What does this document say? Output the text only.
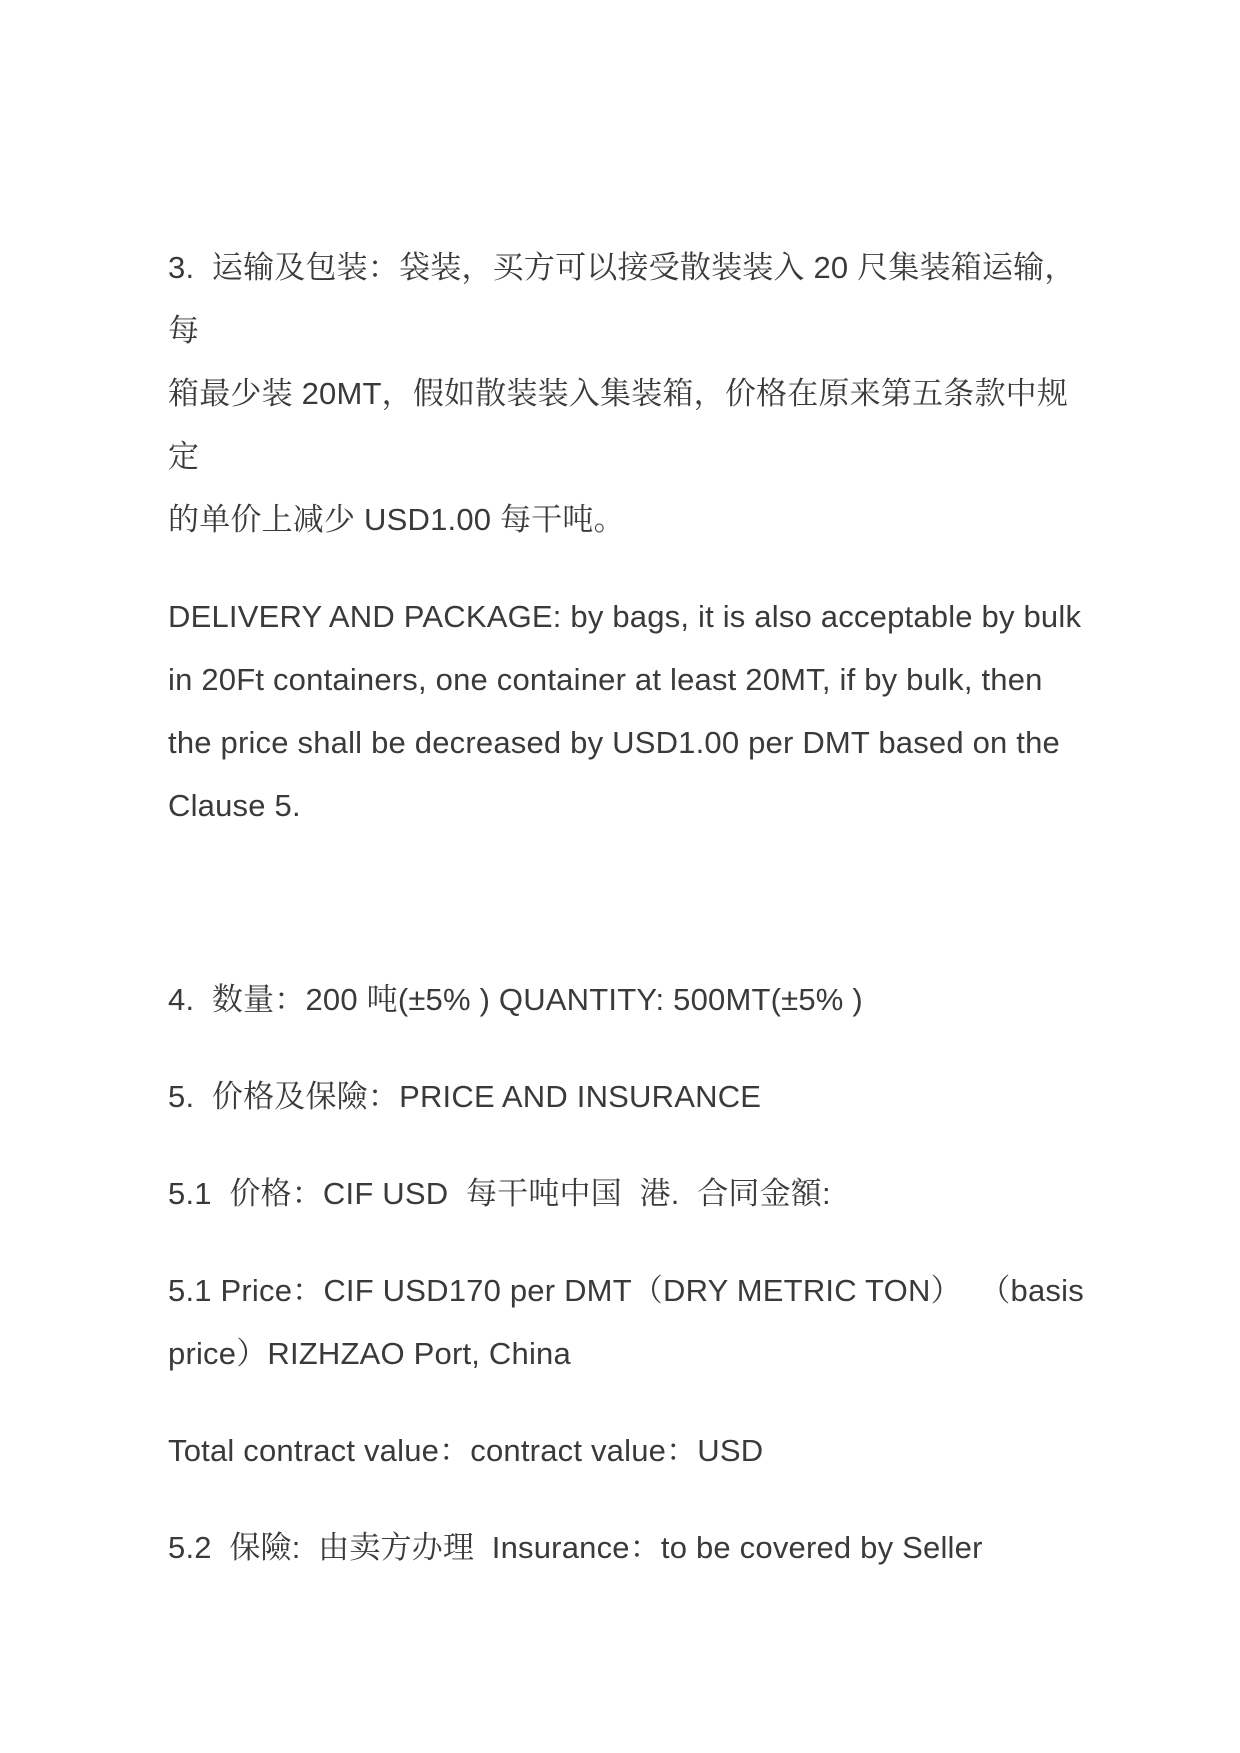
3.  运输及包装：袋装，买方可以接受散装装入 20 尺集装箱运输，  每
箱最少装 20MT，假如散装装入集装箱，价格在原来第五条款中规定
的单价上减少 USD1.00 每干吨。
DELIVERY AND PACKAGE: by bags, it is also acceptable by bulk
in 20Ft containers, one container at least 20MT, if by bulk, then
the price shall be decreased by USD1.00 per DMT based on the
Clause 5.
4.  数量：200 吨(±5% ) QUANTITY: 500MT(±5% )
5.  价格及保險：PRICE AND INSURANCE
5.1  价格：CIF USD  每干吨中国  港.  合同金額:
5.1 Price：CIF USD170 per DMT（DRY METRIC TON）  （basis
price）RIZHZAO Port, China
Total contract value：contract value：USD
5.2  保險:  由卖方办理  Insurance：to be covered by Seller
